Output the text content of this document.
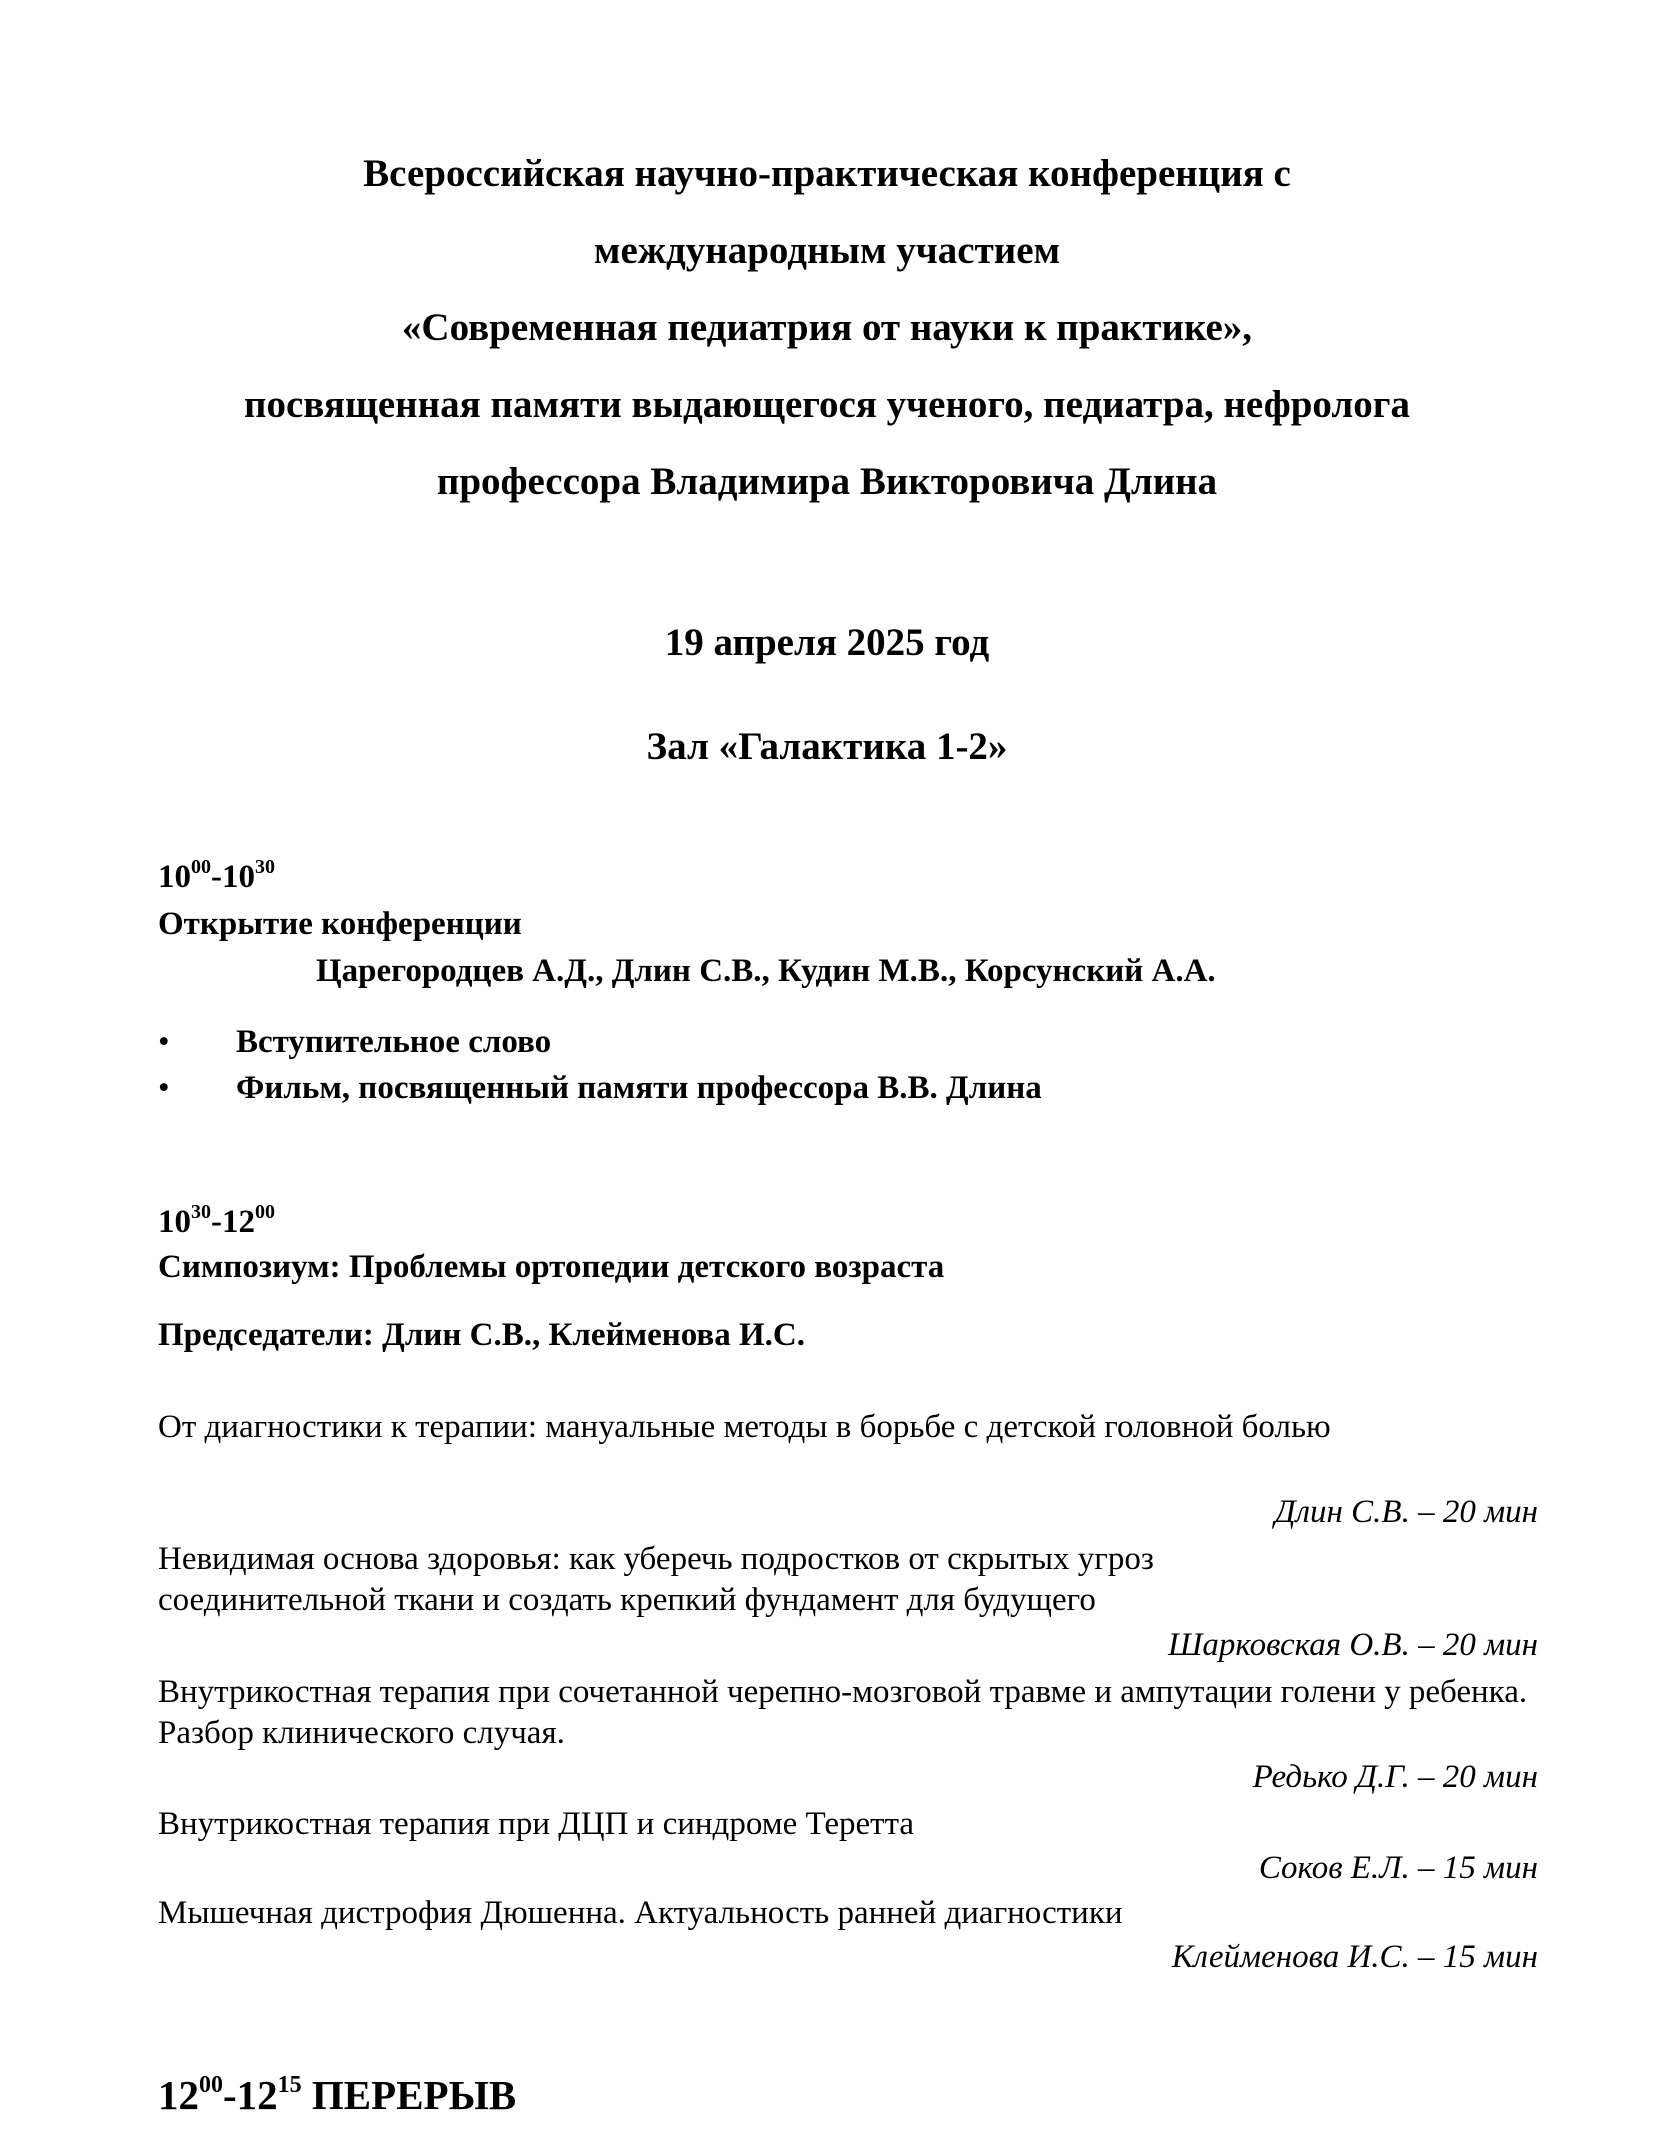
Всероссийская научно-практическая конференция с
международным участием
«Современная педиатрия от науки к практике»,
посвященная памяти выдающегося ученого, педиатра, нефролога
профессора Владимира Викторовича Длина
19 апреля 2025 год
Зал «Галактика 1-2»
$10^{00}-10^{30}$
Открытие конференции
Царегородцев А.Д., Длин С.В., Кудин М.В., Корсунский А.А.
• Вступительное слово
• Фильм, посвященный памяти профессора В.В. Длина
$10^{30}-12^{00}$
Симпозиум: Проблемы ортопедии детского возраста
Председатели: Длин С.В., Клейменова И.С.
От диагностики к терапии: мануальные методы в борьбе с детской головной болью
Длин С.В. – 20 мин
Невидимая основа здоровья: как уберечь подростков от скрытых угроз соединительной ткани и создать крепкий фундамент для будущего
Шарковская О.В. – 20 мин
Внутрикостная терапия при сочетанной черепно-мозговой травме и ампутации голени у ребенка. Разбор клинического случая.
Редько Д.Г. – 20 мин
Внутрикостная терапия при ДЦП и синдроме Теретта
Соков Е.Л. – 15 мин
Мышечная дистрофия Дюшенна. Актуальность ранней диагностики
Клейменова И.С. – 15 мин
$12^{00}-12^{15}$ ПЕРЕРЫВ
